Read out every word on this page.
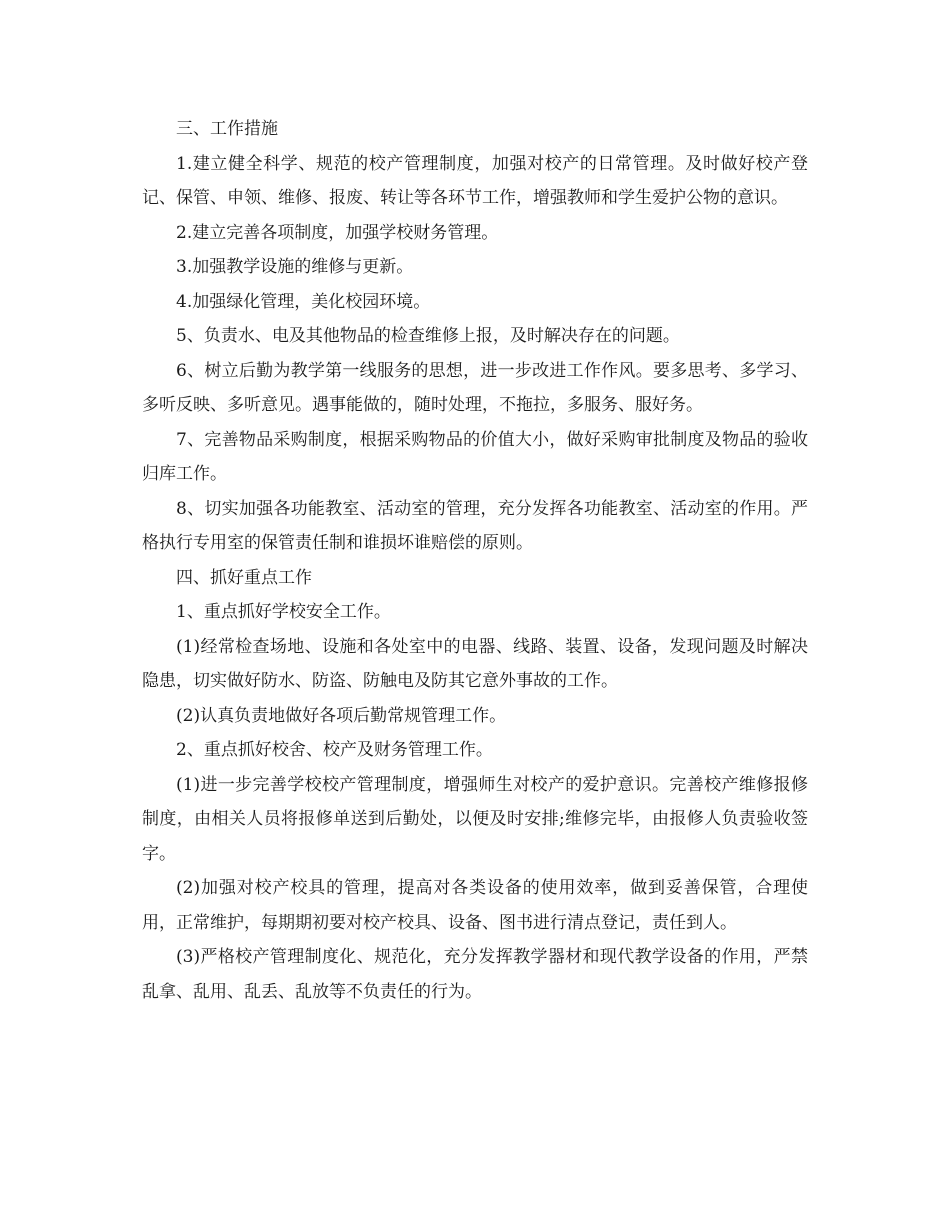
三、工作措施

1.建立健全科学、规范的校产管理制度，加强对校产的日常管理。及时做好校产登记、保管、申领、维修、报废、转让等各环节工作，增强教师和学生爱护公物的意识。

2.建立完善各项制度，加强学校财务管理。

3.加强教学设施的维修与更新。

4.加强绿化管理，美化校园环境。

5、负责水、电及其他物品的检查维修上报，及时解决存在的问题。

6、树立后勤为教学第一线服务的思想，进一步改进工作作风。要多思考、多学习、多听反映、多听意见。遇事能做的，随时处理，不拖拉，多服务、服好务。

7、完善物品采购制度，根据采购物品的价值大小，做好采购审批制度及物品的验收归库工作。

8、切实加强各功能教室、活动室的管理，充分发挥各功能教室、活动室的作用。严格执行专用室的保管责任制和谁损坏谁赔偿的原则。

四、抓好重点工作

1、重点抓好学校安全工作。

(1)经常检查场地、设施和各处室中的电器、线路、装置、设备，发现问题及时解决隐患，切实做好防水、防盗、防触电及防其它意外事故的工作。

(2)认真负责地做好各项后勤常规管理工作。

2、重点抓好校舍、校产及财务管理工作。

(1)进一步完善学校校产管理制度，增强师生对校产的爱护意识。完善校产维修报修制度，由相关人员将报修单送到后勤处，以便及时安排;维修完毕，由报修人负责验收签字。

(2)加强对校产校具的管理，提高对各类设备的使用效率，做到妥善保管，合理使用，正常维护，每期期初要对校产校具、设备、图书进行清点登记，责任到人。

(3)严格校产管理制度化、规范化，充分发挥教学器材和现代教学设备的作用，严禁乱拿、乱用、乱丢、乱放等不负责任的行为。
